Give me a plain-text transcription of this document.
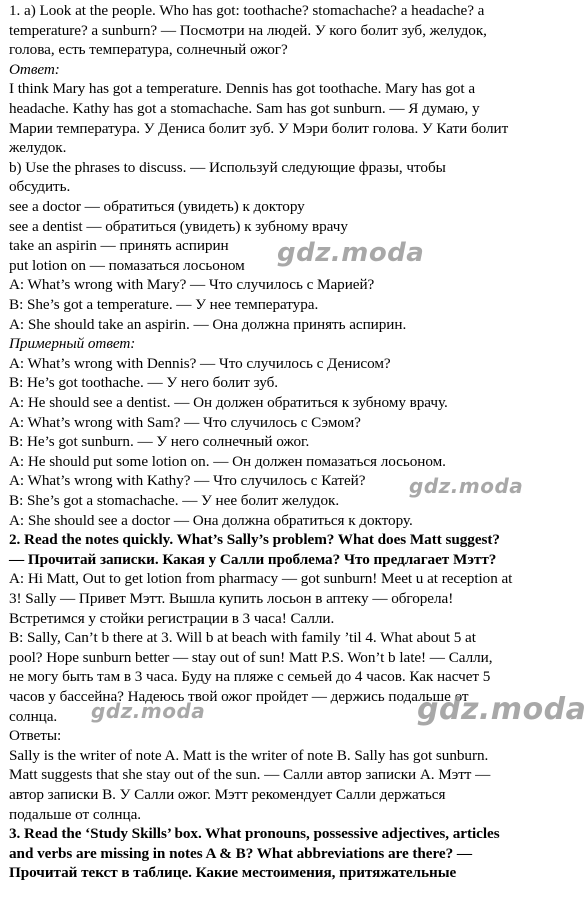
1. a) Look at the people. Who has got: toothache? stomachache? a headache? a
temperature? a sunburn? — Посмотри на людей. У кого болит зуб, желудок,
голова, есть температура, солнечный ожог?
Ответ:
I think Mary has got a temperature. Dennis has got toothache. Mary has got a
headache. Kathy has got a stomachache. Sam has got sunburn. — Я думаю, у
Марии температура. У Дениса болит зуб. У Мэри болит голова. У Кати болит
желудок.
b) Use the phrases to discuss. — Используй следующие фразы, чтобы
обсудить.
see a doctor — обратиться (увидеть) к доктору
see a dentist — обратиться (увидеть) к зубному врачу
take an aspirin — принять аспирин
put lotion on — помазаться лосьоном
A: What’s wrong with Mary? — Что случилось с Марией?
B: She’s got a temperature. — У нее температура.
A: She should take an aspirin. — Она должна принять аспирин.
Примерный ответ:
A: What’s wrong with Dennis? — Что случилось с Денисом?
B: He’s got toothache. — У него болит зуб.
A: He should see a dentist. — Он должен обратиться к зубному врачу.
A: What’s wrong with Sam? — Что случилось с Сэмом?
B: He’s got sunburn. — У него солнечный ожог.
A: He should put some lotion on. — Он должен помазаться лосьоном.
A: What’s wrong with Kathy? — Что случилось с Катей?
B: She’s got a stomachache. — У нее болит желудок.
A: She should see a doctor — Она должна обратиться к доктору.
2. Read the notes quickly. What’s Sally’s problem? What does Matt suggest?
— Прочитай записки. Какая у Салли проблема? Что предлагает Мэтт?
A: Hi Matt, Out to get lotion from pharmacy — got sunburn! Meet u at reception at
3! Sally — Привет Мэтт. Вышла купить лосьон в аптеку — обгорела!
Встретимся у стойки регистрации в 3 часа! Салли.
B: Sally, Can’t b there at 3. Will b at beach with family ’til 4. What about 5 at
pool? Hope sunburn better — stay out of sun! Matt P.S. Won’t b late! — Салли,
не могу быть там в 3 часа. Буду на пляже с семьей до 4 часов. Как насчет 5
часов у бассейна? Надеюсь твой ожог пройдет — держись подальше от
солнца.
Ответы:
Sally is the writer of note A. Matt is the writer of note B. Sally has got sunburn.
Matt suggests that she stay out of the sun. — Салли автор записки А. Мэтт —
автор записки В. У Салли ожог. Мэтт рекомендует Салли держаться
подальше от солнца.
3. Read the ‘Study Skills’ box. What pronouns, possessive adjectives, articles
and verbs are missing in notes A & B? What abbreviations are there? —
Прочитай текст в таблице. Какие местоимения, притяжательные
gdz.moda
gdz.moda
gdz.moda	gdz.moda
